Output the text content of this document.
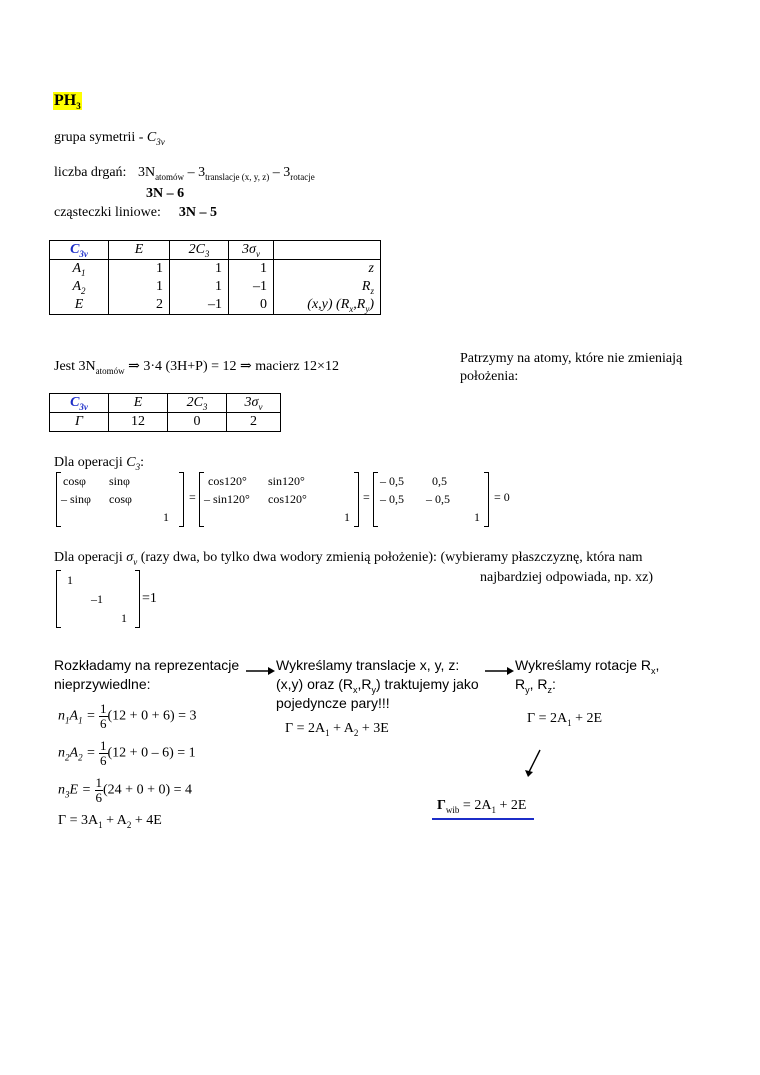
$PH_3$
grupa symetrii - $C_{3v}$
liczba drgań: $3N_{atomów} - 3_{translacje (x, y, z)} - 3_{rotacje}$
3N – 6
cząsteczki liniowe: 3N – 5
$C_{3v}$	E	$2C_3$	$3\sigma_v$	
$A_1$	1	1	1	z
$A_2$	1	1	–1	$R_z$
E	2	–1	0	(x,y) $(R_x,R_y)$
Jest $3N_{atomów}$ ⇒ 3·4 (3H+P) = 12 ⇒ macierz 12×12
Patrzymy na atomy, które nie zmieniają
położenia:
$C_{3v}$	E	$2C_3$	$3\sigma_v$
Γ	12	0	2
Dla operacji $C_3$:
cosφ sinφ
– sinφ cosφ
1
=
cos120° sin120°
– sin120° cos120°
1
=
– 0,5 0,5
– 0,5 – 0,5
1
= 0
Dla operacji $\sigma_v$ (razy dwa, bo tylko dwa wodory zmienią położenie): (wybieramy płaszczyznę, która nam
najbardziej odpowiada, np. xz)
1
–1
1
=1
Rozkładamy na reprezentacje
nieprzywiedlne:
$n_1A_1 = \frac{1}{6} (12 + 0 + 6) = 3$
$n_2A_2 = \frac{1}{6} (12 + 0 - 6) = 1$
$n_3E = \frac{1}{6} (24 + 0 + 0) = 4$
$\Gamma = 3A_1 + A_2 + 4E$
Wykreślamy translacje x, y, z:
(x,y) oraz $(R_x,R_y)$ traktujemy jako
pojedyncze pary!!!
$\Gamma = 2A_1 + A_2 + 3E$
Wykreślamy rotacje $R_x$,
$R_y$, $R_z$:
$\Gamma = 2A_1 + 2E$
$\Gamma_{wib} = 2A_1 + 2E$
